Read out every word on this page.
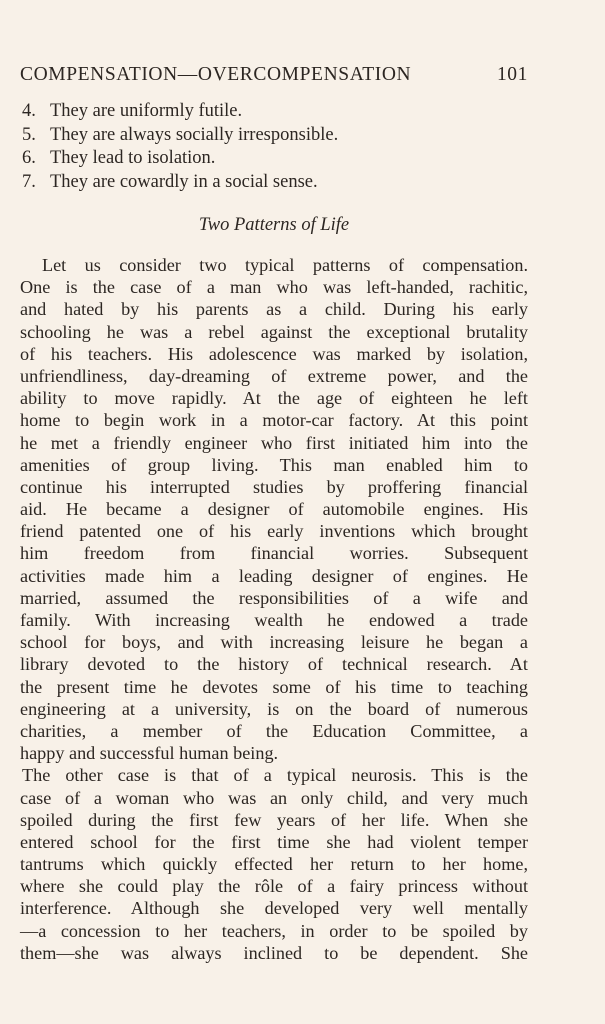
COMPENSATION—OVERCOMPENSATION	101
4. They are uniformly futile.
5. They are always socially irresponsible.
6. They lead to isolation.
7. They are cowardly in a social sense.
Two Patterns of Life
Let us consider two typical patterns of compensation.
One is the case of a man who was left-handed, rachitic,
and hated by his parents as a child. During his early
schooling he was a rebel against the exceptional brutality
of his teachers. His adolescence was marked by isolation,
unfriendliness, day-dreaming of extreme power, and the
ability to move rapidly. At the age of eighteen he left
home to begin work in a motor-car factory. At this point
he met a friendly engineer who first initiated him into the
amenities of group living. This man enabled him to
continue his interrupted studies by proffering financial
aid. He became a designer of automobile engines. His
friend patented one of his early inventions which brought
him freedom from financial worries. Subsequent
activities made him a leading designer of engines. He
married, assumed the responsibilities of a wife and
family. With increasing wealth he endowed a trade
school for boys, and with increasing leisure he began a
library devoted to the history of technical research. At
the present time he devotes some of his time to teaching
engineering at a university, is on the board of numerous
charities, a member of the Education Committee, a
happy and successful human being.
The other case is that of a typical neurosis. This is the
case of a woman who was an only child, and very much
spoiled during the first few years of her life. When she
entered school for the first time she had violent temper
tantrums which quickly effected her return to her home,
where she could play the rôle of a fairy princess without
interference. Although she developed very well mentally
—a concession to her teachers, in order to be spoiled by
them—she was always inclined to be dependent. She
